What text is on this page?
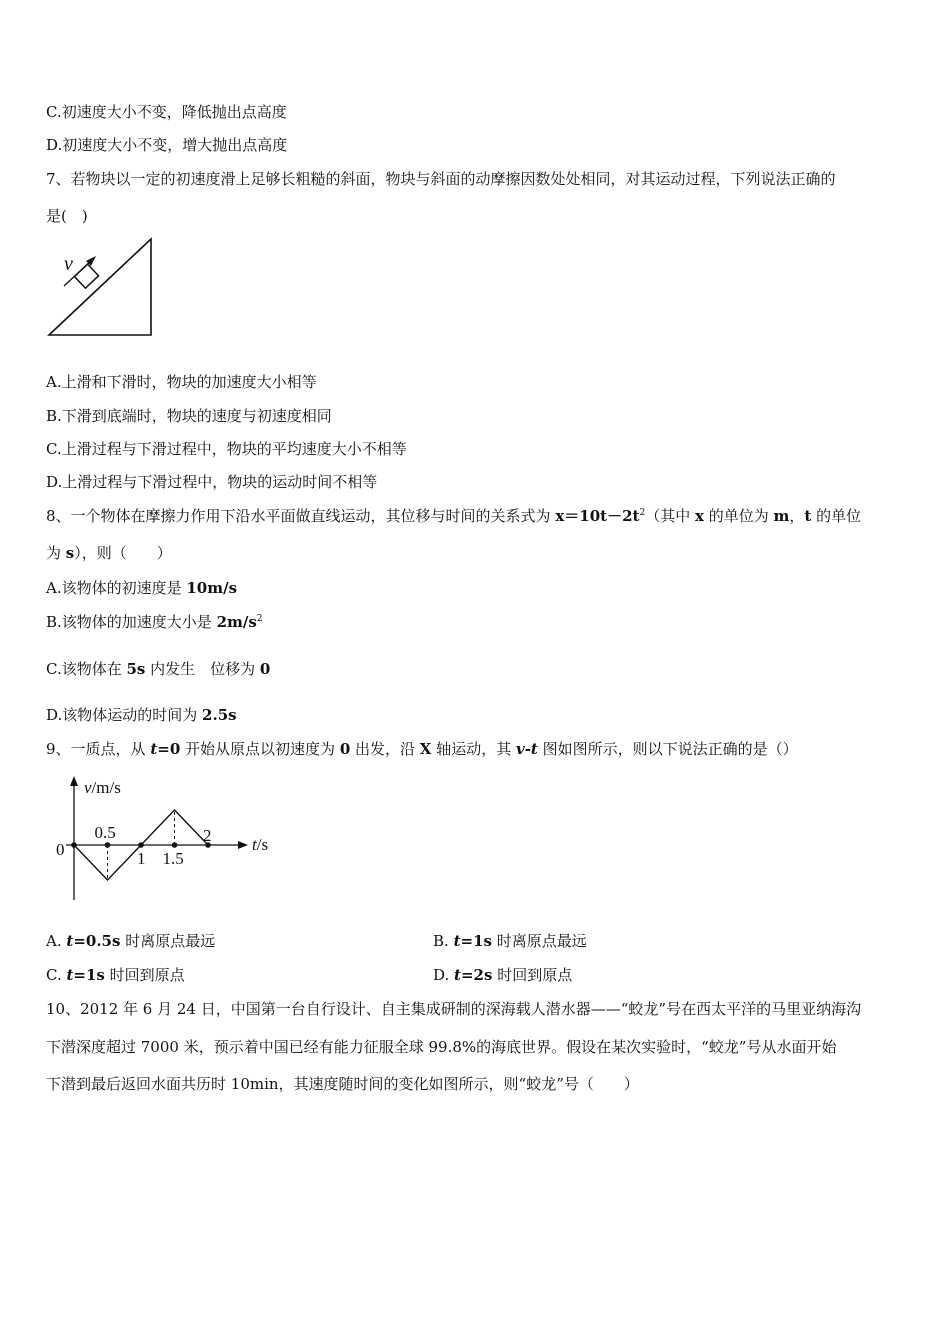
C.初速度大小不变，降低抛出点高度
D.初速度大小不变，增大抛出点高度
7、若物块以一定的初速度滑上足够长粗糙的斜面，物块与斜面的动摩擦因数处处相同，对其运动过程，下列说法正确的
是(　)
v
A.上滑和下滑时，物块的加速度大小相等
B.下滑到底端时，物块的速度与初速度相同
C.上滑过程与下滑过程中，物块的平均速度大小不相等
D.上滑过程与下滑过程中，物块的运动时间不相等
8、一个物体在摩擦力作用下沿水平面做直线运动，其位移与时间的关系式为 $x=10t-2t^2$（其中 x 的单位为 m，t 的单位
为 s），则（　　）
A.该物体的初速度是 10m/s
B.该物体的加速度大小是 $2m/s^2$
C.该物体在 5s 内发生　位移为 0
D.该物体运动的时间为 2.5s
9、一质点，从 t=0 开始从原点以初速度为 0 出发，沿 X 轴运动，其 v-t 图如图所示，则以下说法正确的是（）
v/m/s
t/s
0
0.5
1 1.5
2
A. t=0.5s 时离原点最远	B. t=1s 时离原点最远
C. t=1s 时回到原点	D. t=2s 时回到原点
10、2012 年 6 月 24 日，中国第一台自行设计、自主集成研制的深海载人潜水器——“蛟龙”号在西太平洋的马里亚纳海沟
下潜深度超过 7000 米，预示着中国已经有能力征服全球 99.8%的海底世界。假设在某次实验时，“蛟龙”号从水面开始
下潜到最后返回水面共历时 10min，其速度随时间的变化如图所示，则“蛟龙”号（　　）
